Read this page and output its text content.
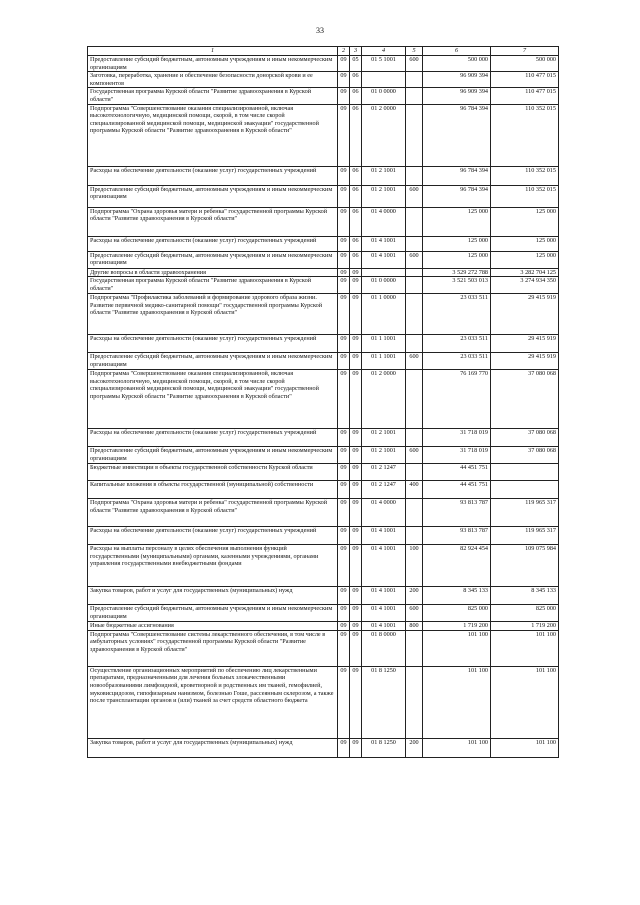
33
1	2	3	4	5	6	7
Предоставление субсидий бюджетным, автономным учреждениям и иным некоммерческим организациям	09	05	01 5 1001	600	500 000	500 000
Заготовка, переработка, хранение и обеспечение безопасности донорской крови и ее компонентов	09	06			96 909 394	110 477 015
Государственная программа Курской области "Развитие здравоохранения в Курской области"	09	06	01 0 0000		96 909 394	110 477 015
Подпрограмма "Совершенствование оказания специализированной, включая высокотехнологичную, медицинской помощи, скорой, в том числе скорой специализированной медицинской помощи, медицинской эвакуации" государственной программы Курской области "Развитие здравоохранения в Курской области"	09	06	01 2 0000		96 784 394	110 352 015
Расходы на обеспечение деятельности (оказание услуг) государственных учреждений	09	06	01 2 1001		96 784 394	110 352 015
Предоставление субсидий бюджетным, автономным учреждениям и иным некоммерческим организациям	09	06	01 2 1001	600	96 784 394	110 352 015
Подпрограмма "Охрана здоровья матери и ребенка" государственной программы Курской области "Развитие здравоохранения в Курской области"	09	06	01 4 0000		125 000	125 000
Расходы на обеспечение деятельности (оказание услуг) государственных учреждений	09	06	01 4 1001		125 000	125 000
Предоставление субсидий бюджетным, автономным учреждениям и иным некоммерческим организациям	09	06	01 4 1001	600	125 000	125 000
Другие вопросы в области здравоохранения	09	09			3 529 272 788	3 282 704 125
Государственная программа Курской области "Развитие здравоохранения в Курской области"	09	09	01 0 0000		3 521 503 013	3 274 934 350
Подпрограмма "Профилактика заболеваний и формирование здорового образа жизни. Развитие первичной медико-санитарной помощи" государственной программы Курской области "Развитие здравоохранения в Курской области"	09	09	01 1 0000		23 033 511	29 415 919
Расходы на обеспечение деятельности (оказание услуг) государственных учреждений	09	09	01 1 1001		23 033 511	29 415 919
Предоставление субсидий бюджетным, автономным учреждениям и иным некоммерческим организациям	09	09	01 1 1001	600	23 033 511	29 415 919
Подпрограмма "Совершенствование оказания специализированной, включая высокотехнологичную, медицинской помощи, скорой, в том числе скорой специализированной медицинской помощи, медицинской эвакуации" государственной программы Курской области "Развитие здравоохранения в Курской области"	09	09	01 2 0000		76 169 770	37 080 068
Расходы на обеспечение деятельности (оказание услуг) государственных учреждений	09	09	01 2 1001		31 718 019	37 080 068
Предоставление субсидий бюджетным, автономным учреждениям и иным некоммерческим организациям	09	09	01 2 1001	600	31 718 019	37 080 068
Бюджетные инвестиции в объекты государственной собственности Курской области	09	09	01 2 1247		44 451 751	
Капитальные вложения в объекты государственной (муниципальной) собственности	09	09	01 2 1247	400	44 451 751	
Подпрограмма "Охрана здоровья матери и ребенка" государственной программы Курской области "Развитие здравоохранения в Курской области"	09	09	01 4 0000		93 813 787	119 965 317
Расходы на обеспечение деятельности (оказание услуг) государственных учреждений	09	09	01 4 1001		93 813 787	119 965 317
Расходы на выплаты персоналу в целях обеспечения выполнения функций государственными (муниципальными) органами, казенными учреждениями, органами управления государственными внебюджетными фондами	09	09	01 4 1001	100	82 924 454	109 075 984
Закупка товаров, работ и услуг для государственных (муниципальных) нужд	09	09	01 4 1001	200	8 345 133	8 345 133
Предоставление субсидий бюджетным, автономным учреждениям и иным некоммерческим организациям	09	09	01 4 1001	600	825 000	825 000
Иные бюджетные ассигнования	09	09	01 4 1001	800	1 719 200	1 719 200
Подпрограмма "Совершенствование системы лекарственного обеспечения, в том числе в амбулаторных условиях" государственной программы Курской области "Развитие здравоохранения в Курской области"	09	09	01 8 0000		101 100	101 100
Осуществление организационных мероприятий по обеспечению лиц лекарственными препаратами, предназначенными для лечения больных злокачественными новообразованиями лимфоидной, кроветворной и родственных им тканей, гемофилией, муковисцидозом, гипофизарным нанизмом, болезнью Гоше, рассеянным склерозом, а также после трансплантации органов и (или) тканей за счет средств областного бюджета	09	09	01 8 1250		101 100	101 100
Закупка товаров, работ и услуг для государственных (муниципальных) нужд	09	09	01 8 1250	200	101 100	101 100
